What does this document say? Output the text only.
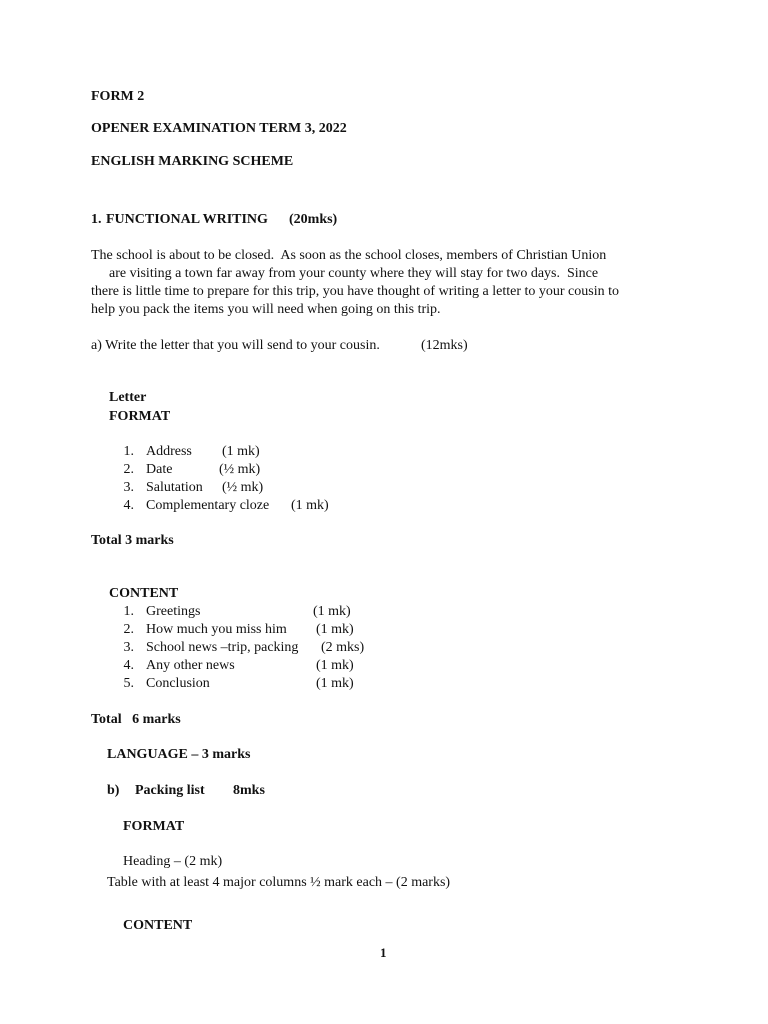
FORM 2
OPENER EXAMINATION TERM 3, 2022
ENGLISH MARKING SCHEME
1. FUNCTIONAL WRITING (20mks)
The school is about to be closed.  As soon as the school closes, members of Christian Union
are visiting a town far away from your county where they will stay for two days.  Since
there is little time to prepare for this trip, you have thought of writing a letter to your cousin to
help you pack the items you will need when going on this trip.
a) Write the letter that you will send to your cousin.	(12mks)
Letter
FORMAT
1. Address (1 mk)
2. Date	(½ mk)
3. Salutation (½ mk)
4. Complementary cloze (1 mk)
Total 3 marks
CONTENT
1. Greetings	(1 mk)
2. How much you miss him (1 mk)
3. School news –trip, packing (2 mks)
4. Any other news	(1 mk)
5. Conclusion	(1 mk)
Total   6 marks
LANGUAGE – 3 marks
b) Packing list 8mks
FORMAT
Heading – (2 mk)
Table with at least 4 major columns ½ mark each – (2 marks)
CONTENT
1
